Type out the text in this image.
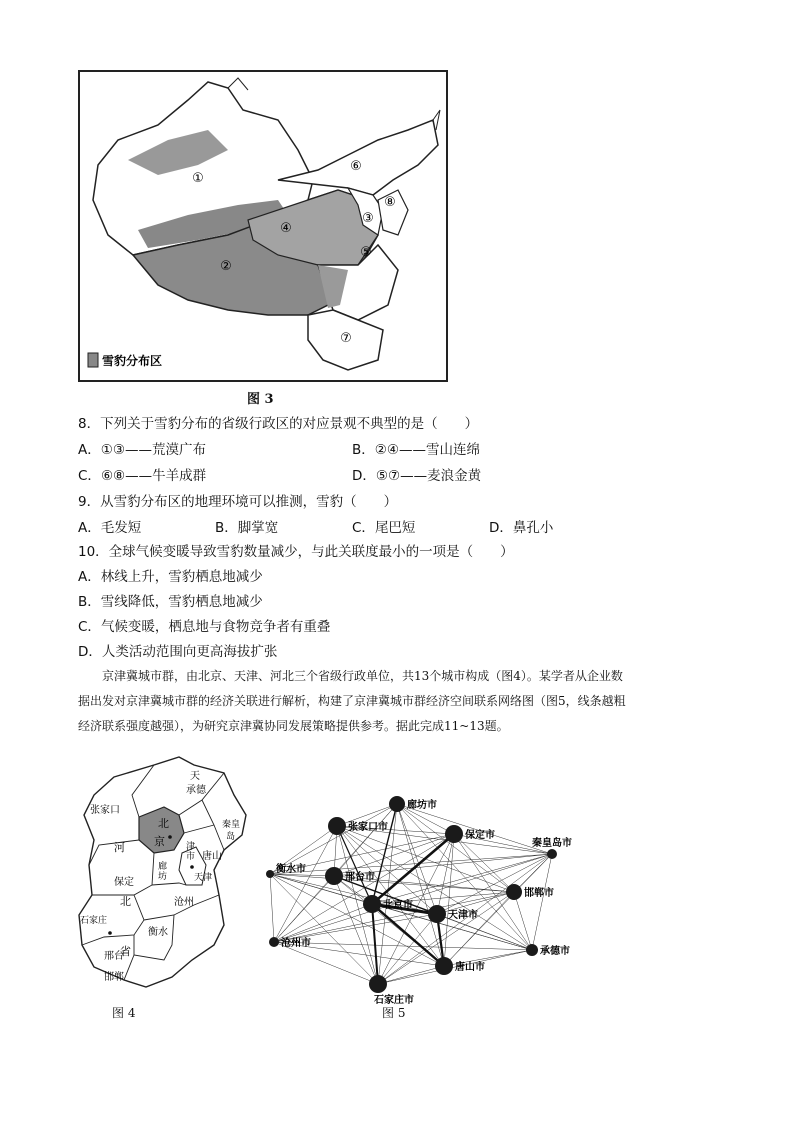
①
②
③
④
⑤
⑥
⑦
⑧
雪豹分布区
图 3
8．下列关于雪豹分布的省级行政区的对应景观不典型的是（　　）
A．①③——荒漠广布	B．②④——雪山连绵
C．⑥⑧——牛羊成群	D．⑤⑦——麦浪金黄
9．从雪豹分布区的地理环境可以推测，雪豹（　　）
A．毛发短	B．脚掌宽	C．尾巴短	D．鼻孔小
10．全球气候变暖导致雪豹数量减少，与此关联度最小的一项是（　　）
A．林线上升，雪豹栖息地减少
B．雪线降低，雪豹栖息地减少
C．气候变暖，栖息地与食物竞争者有重叠
D．人类活动范围向更高海拔扩张
京津冀城市群，由北京、天津、河北三个省级行政单位，共13个城市构成（图4）。某学者从企业数
据出发对京津冀城市群的经济关联进行解析，构建了京津冀城市群经济空间联系网络图（图5，线条越粗
经济联系强度越强），为研究京津冀协同发展策略提供参考。据此完成11~13题。
张家口
天
承德
北
京
秦皇
岛
河
廊
坊
唐山
津
市
保定	天津
北
石家庄
沧州
省
衡水
邢台
邯郸
图 4
廊坊市
张家口市
保定市
秦皇岛市
衡水市
邢台市
邯郸市
北京市
天津市
沧州市
承德市
唐山市
石家庄市
图 5
